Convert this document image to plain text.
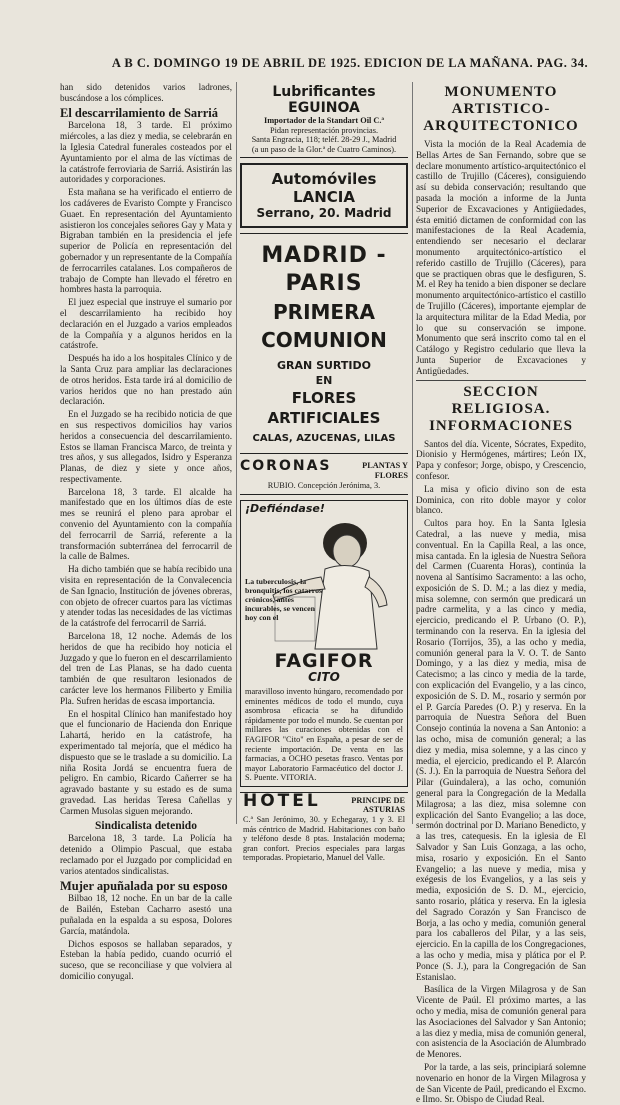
A B C. DOMINGO 19 DE ABRIL DE 1925. EDICION DE LA MAÑANA. PAG. 34.

han sido detenidos varios ladrones, buscándose a los cómplices.

El descarrilamiento de Sarriá

Barcelona 18, 3 tarde. El próximo miércoles, a las diez y media, se celebrarán en la Iglesia Catedral funerales costeados por el Ayuntamiento por el alma de las víctimas de la catástrofe ferroviaria de Sarriá. Asistirán las autoridades y corporaciones.

Esta mañana se ha verificado el entierro de los cadáveres de Evaristo Compte y Francisco Guaet. En representación del Ayuntamiento asistieron los concejales señores Gay y Mata y Bigraban también en la presidencia el jefe superior de Policía en representación del gobernador y un representante de la Compañía de ferrocarriles catalanes. Los compañeros de trabajo de Compte han llevado el féretro en hombres hasta la parroquia.

El juez especial que instruye el sumario por el descarrilamiento ha recibido hoy declaración en el Juzgado a varios empleados de la Compañía y a algunos heridos en la catástrofe.

Después ha ido a los hospitales Clínico y de la Santa Cruz para ampliar las declaraciones de otros heridos. Esta tarde irá al domicilio de varios heridos que no han prestado aún declaración.

En el Juzgado se ha recibido noticia de que en sus respectivos domicilios hay varios heridos a consecuencia del descarrilamiento. Estos se llaman Francisca Marco, de treinta y tres años, y sus allegados, Isidro y Esperanza Planas, de diez y siete y once años, respectivamente.

Barcelona 18, 3 tarde. El alcalde ha manifestado que en los últimos días de este mes se reunirá el pleno para aprobar el convenio del Ayuntamiento con la compañía del ferrocarril de Sarriá, referente a la transformación subterránea del ferrocarril de la calle de Balmes.

Ha dicho también que se había recibido una visita en representación de la Convalecencia de San Ignacio, Institución de jóvenes obreras, con objeto de ofrecer cuartos para las víctimas y atender todas las necesidades de las víctimas de la catástrofe del ferrocarril de Sarriá.

Barcelona 18, 12 noche. Además de los heridos de que ha recibido hoy noticia el Juzgado y que lo fueron en el descarrilamiento del tren de Las Planas, se ha dado cuenta también de que resultaron lesionados de carácter leve los hermanos Filiberto y Emilia Pla. Sufren heridas de escasa importancia.

En el hospital Clínico han manifestado hoy que el funcionario de Hacienda don Enrique Lahartá, herido en la catástrofe, ha experimentado tal mejoría, que el médico ha dispuesto que se le traslade a su domicilio. La niña Rosita Jordá se encuentra fuera de peligro. En cambio, Ricardo Cañerrer se ha agravado bastante y su estado es de suma gravedad. Las heridas Teresa Cañellas y Carmen Musolas siguen mejorando.

Sindicalista detenido

Barcelona 18, 3 tarde. La Policía ha detenido a Olimpio Pascual, que estaba reclamado por el Juzgado por complicidad en varios atentados sindicalistas.

Mujer apuñalada por su esposo

Bilbao 18, 12 noche. En un bar de la calle de Bailén, Esteban Cacharro asestó una puñalada en la espalda a su esposa, Dolores García, matándola.

Dichos esposos se hallaban separados, y Esteban la había pedido, cuando ocurrió el suceso, que se reconciliase y que volviera al domicilio conyugal.

Lubrificantes EGUINOA
Importador de la Standart Oil C.ª
Pidan representación provincias.
Santa Engracia, 118; teléf. 28-29 J., Madrid
(a un paso de la Glor.ª de Cuatro Caminos).
Automóviles LANCIA
Serrano, 20. Madrid
MADRID - PARIS
PRIMERA COMUNION
GRAN SURTIDO
EN
FLORES ARTIFICIALES
CALAS, AZUCENAS, LILAS
CORONAS	PLANTAS Y FLORES
RUBIO. Concepción Jerónima, 3.
¡Defiéndase!
La tuberculosis, la bronquitis, los catarros crónicos, antes incurables, se vencen hoy con el
FAGIFOR
CITO
maravilloso invento húngaro, recomendado por eminentes médicos de todo el mundo, cuya asombrosa eficacia se ha difundido rápidamente por todo el mundo. Se cuentan por millares las curaciones obtenidas con el FAGIFOR "Cito" en España, a pesar de ser de reciente importación. De venta en las farmacias, a OCHO pesetas frasco. Ventas por mayor Laboratorio Farmacéutico del doctor J. S. Puente. VITORIA.
HOTEL	PRINCIPE DE ASTURIAS
C.ª San Jerónimo, 30. y Echegaray, 1 y 3. El más céntrico de Madrid. Habitaciones con baño y teléfono desde 8 ptas. Instalación moderna; gran confort. Precios especiales para largas temporadas. Propietario, Manuel del Valle.
MONUMENTO ARTISTICO-ARQUITECTONICO

Vista la moción de la Real Academia de Bellas Artes de San Fernando, sobre que se declare monumento artístico-arquitectónico el castillo de Trujillo (Cáceres), consiguiendo así su debida conservación; resultando que pasada la moción a informe de la Junta Superior de Excavaciones y Antigüedades, ésta emitió dictamen de conformidad con las manifestaciones de la Real Academia, entendiendo ser necesario el declarar monumento arquitectónico-artístico el referido castillo de Trujillo (Cáceres), para que se practiquen obras que le desfiguren, S. M. el Rey ha tenido a bien disponer se declare monumento arquitectónico-artístico el castillo de Trujillo (Cáceres), importante ejemplar de la arquitectura militar de la Edad Media, por lo que su conservación se impone. Monumento que será inscrito como tal en el Catálogo y Registro cedulario que lleva la Junta Superior de Excavaciones y Antigüedades.

SECCION RELIGIOSA. INFORMACIONES

Santos del día. Vicente, Sócrates, Expedito, Dionisio y Hermógenes, mártires; León IX, Papa y confesor; Jorge, obispo, y Crescencio, confesor.

La misa y oficio divino son de esta Dominica, con rito doble mayor y color blanco.

Cultos para hoy. En la Santa Iglesia Catedral, a las nueve y media, misa conventual. En la Capilla Real, a las once, misa cantada. En la iglesia de Nuestra Señora del Carmen (Cuarenta Horas), continúa la novena al Santísimo Sacramento: a las ocho, exposición de S. D. M.; a las diez y media, misa solemne, con sermón que predicará un padre carmelita, y a las cinco y media, ejercicio, predicando el P. Urbano (O. P.), terminando con la reserva. En la iglesia del Rosario (Torrijos, 35), a las ocho y media, comunión general para la V. O. T. de Santo Domingo, y a las diez y media, misa de Catecismo; a las cinco y media de la tarde, con explicación del Evangelio, y a las cinco, exposición de S. D. M., rosario y sermón por el P. García Paredes (O. P.) y reserva. En la parroquia de Nuestra Señora del Buen Consejo continúa la novena a San Antonio: a las ocho, misa de comunión general; a las diez y media, misa solemne, y a las cinco y media, el ejercicio, predicando el P. Alarcón (S. J.). En la parroquia de Nuestra Señora del Pilar (Guindalera), a las ocho, comunión general para la Congregación de la Medalla Milagrosa; a las diez, misa solemne con explicación del Santo Evangelio; a las doce, sermón doctrinal por D. Mariano Benedicto, y a las tres, catequesis. En la iglesia de El Salvador y San Luis Gonzaga, a las ocho, misa, rosario y exposición. En el Santo Evangelio; a las nueve y media, misa y exégesis de los Evangelios, y a las seis y media, exposición de S. D. M., ejercicio, santo rosario, plática y reserva. En la iglesia del Sagrado Corazón y San Francisco de Borja, a las ocho y media, comunión general para los caballeros del Pilar, y a las seis, ejercicio. En la capilla de los Congregaciones, a las ocho y media, misa y plática por el P. Ponce (S. J.), para la Congregación de San Estanislao.

Basílica de la Virgen Milagrosa y de San Vicente de Paúl. El próximo martes, a las ocho y media, misa de comunión general para las Asociaciones del Salvador y San Antonio; a las diez y media, misa de comunión general, con asistencia de la Asociación de Alumbrado de Menores.

Por la tarde, a las seis, principiará solemne novenario en honor de la Virgen Milagrosa y de San Vicente de Paúl, predicando el Excmo. e Ilmo. Sr. Obispo de Ciudad Real.
